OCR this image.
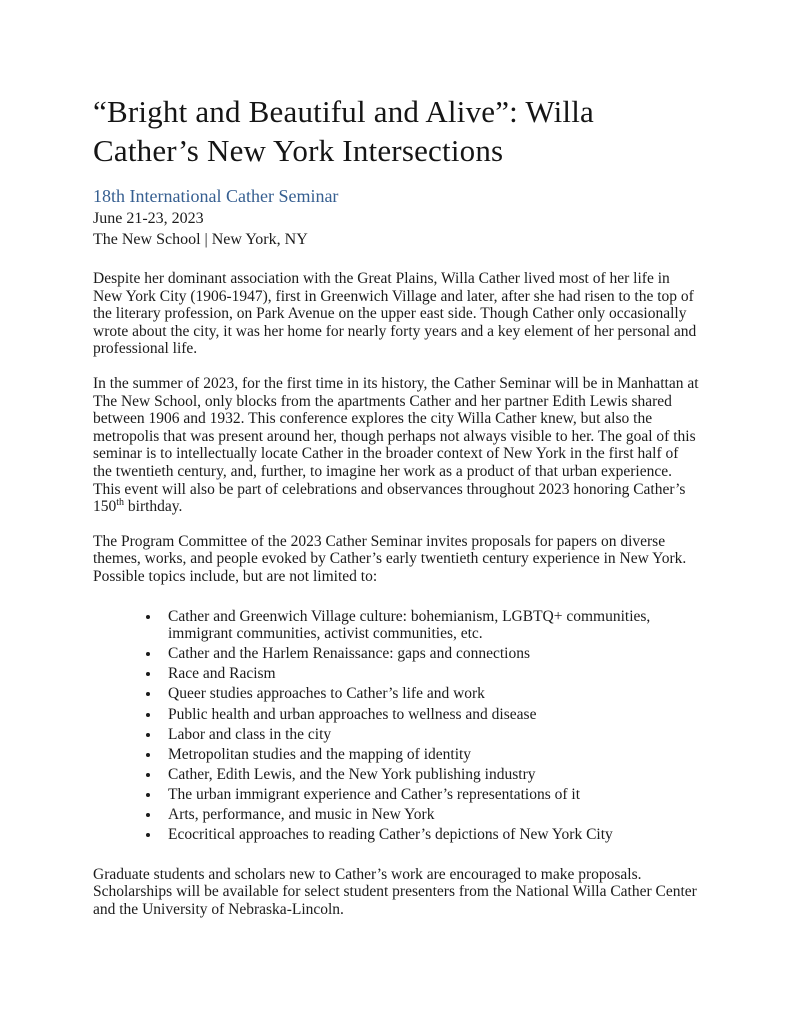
“Bright and Beautiful and Alive”: Willa Cather’s New York Intersections
18th International Cather Seminar
June 21-23, 2023
The New School | New York, NY

Despite her dominant association with the Great Plains, Willa Cather lived most of her life in New York City (1906-1947), first in Greenwich Village and later, after she had risen to the top of the literary profession, on Park Avenue on the upper east side. Though Cather only occasionally wrote about the city, it was her home for nearly forty years and a key element of her personal and professional life.

In the summer of 2023, for the first time in its history, the Cather Seminar will be in Manhattan at The New School, only blocks from the apartments Cather and her partner Edith Lewis shared between 1906 and 1932. This conference explores the city Willa Cather knew, but also the metropolis that was present around her, though perhaps not always visible to her. The goal of this seminar is to intellectually locate Cather in the broader context of New York in the first half of the twentieth century, and, further, to imagine her work as a product of that urban experience. This event will also be part of celebrations and observances throughout 2023 honoring Cather’s 150th birthday.

The Program Committee of the 2023 Cather Seminar invites proposals for papers on diverse themes, works, and people evoked by Cather’s early twentieth century experience in New York. Possible topics include, but are not limited to:

• Cather and Greenwich Village culture: bohemianism, LGBTQ+ communities, immigrant communities, activist communities, etc.
• Cather and the Harlem Renaissance: gaps and connections
• Race and Racism
• Queer studies approaches to Cather’s life and work
• Public health and urban approaches to wellness and disease
• Labor and class in the city
• Metropolitan studies and the mapping of identity
• Cather, Edith Lewis, and the New York publishing industry
• The urban immigrant experience and Cather’s representations of it
• Arts, performance, and music in New York
• Ecocritical approaches to reading Cather’s depictions of New York City

Graduate students and scholars new to Cather’s work are encouraged to make proposals. Scholarships will be available for select student presenters from the National Willa Cather Center and the University of Nebraska-Lincoln.
